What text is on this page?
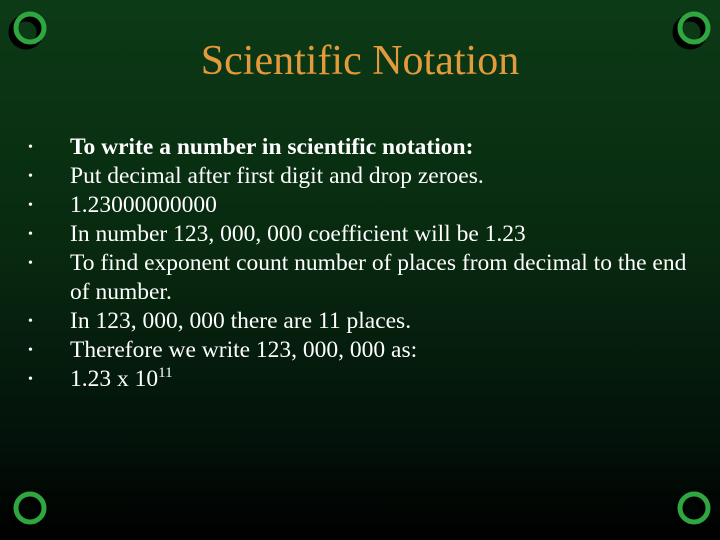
Scientific Notation
•	To write a number in scientific notation:
•	Put decimal after first digit and drop zeroes.
•	1.23000000000
•	In number 123, 000, 000 coefficient will be 1.23
•	To find exponent count number of places from decimal to the end of number.
•	In 123, 000, 000 there are 11 places.
•	Therefore we write 123, 000, 000 as:
•	1.23 x $10^{11}$
